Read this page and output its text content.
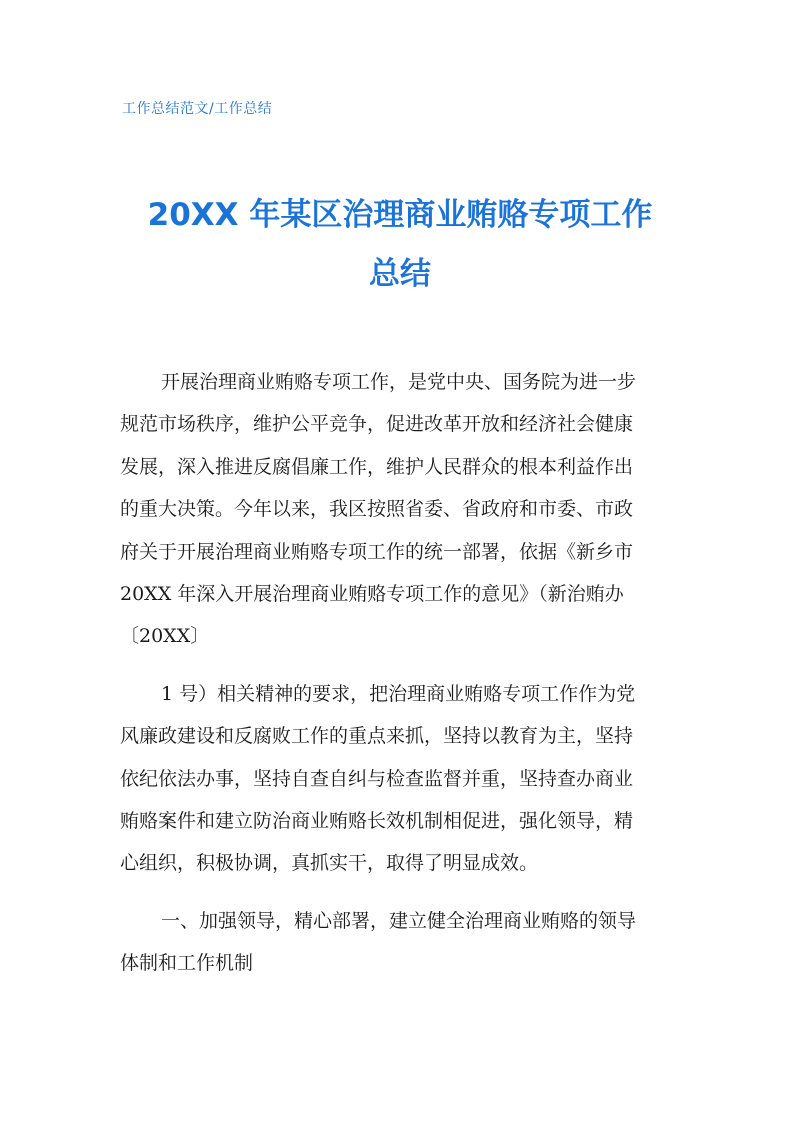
工作总结范文/工作总结
20XX 年某区治理商业贿赂专项工作
总结
开展治理商业贿赂专项工作，是党中央、国务院为进一步
规范市场秩序，维护公平竞争，促进改革开放和经济社会健康
发展，深入推进反腐倡廉工作，维护人民群众的根本利益作出
的重大决策。今年以来，我区按照省委、省政府和市委、市政
府关于开展治理商业贿赂专项工作的统一部署，依据《新乡市
20XX 年深入开展治理商业贿赂专项工作的意见》（新治贿办
〔20XX〕
1 号）相关精神的要求，把治理商业贿赂专项工作作为党
风廉政建设和反腐败工作的重点来抓，坚持以教育为主，坚持
依纪依法办事，坚持自查自纠与检查监督并重，坚持查办商业
贿赂案件和建立防治商业贿赂长效机制相促进，强化领导，精
心组织，积极协调，真抓实干，取得了明显成效。
一、加强领导，精心部署，建立健全治理商业贿赂的领导
体制和工作机制
